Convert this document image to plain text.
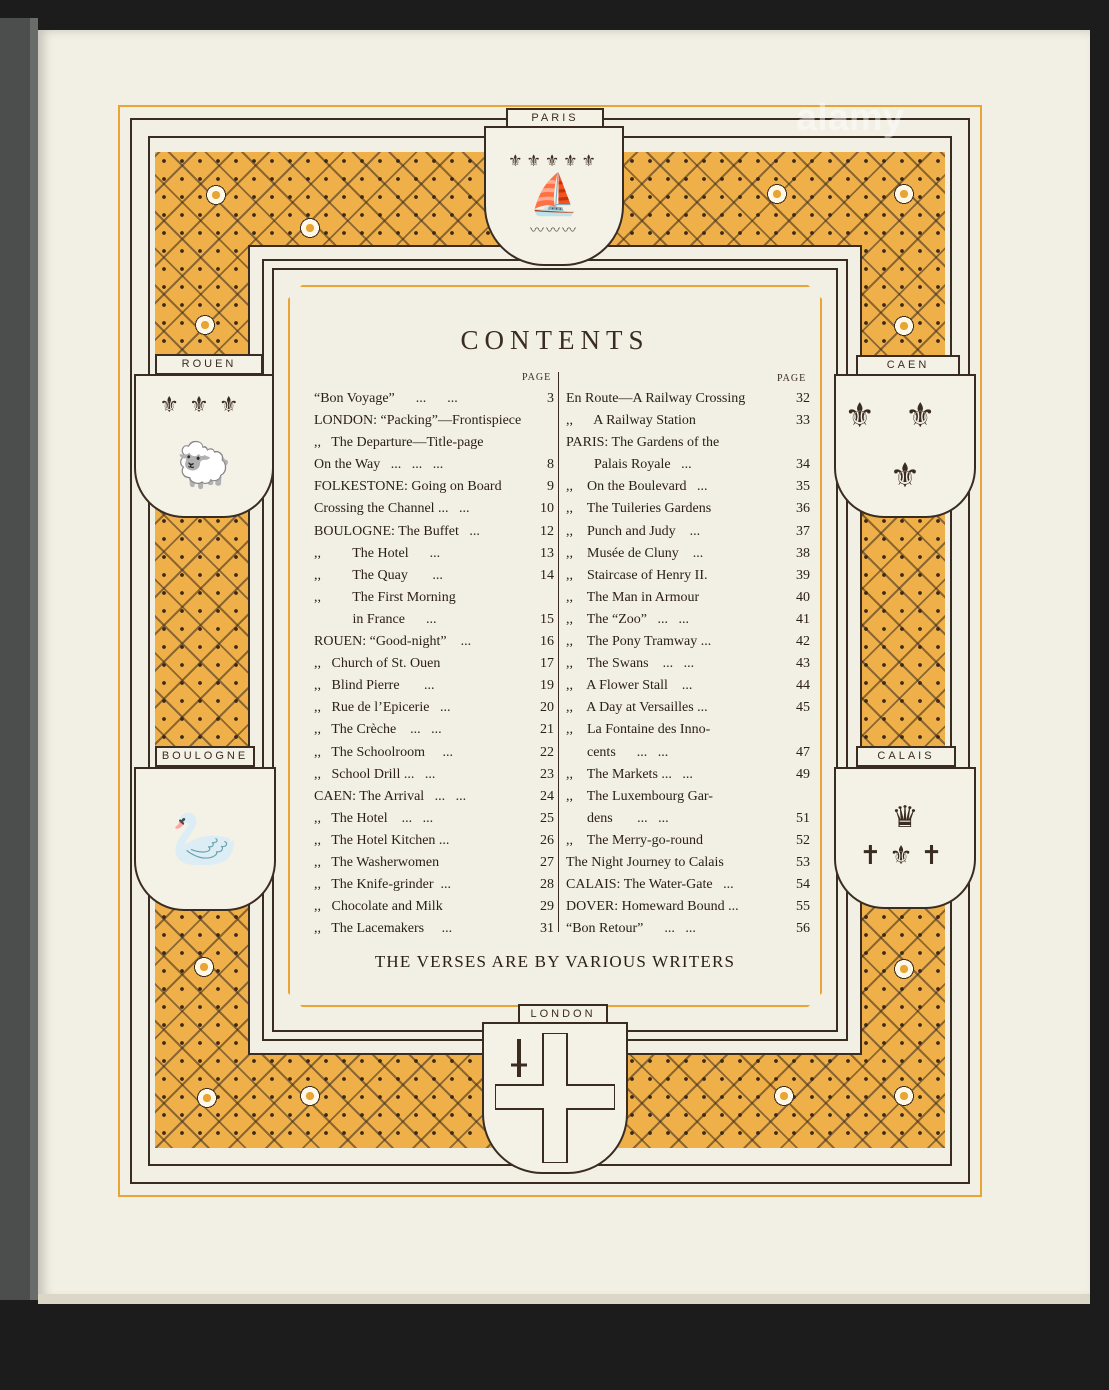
PARIS
⚜⚜⚜⚜⚜
⛵
〰〰〰
ROUEN
⚜⚜⚜
🐑
CAEN
⚜⚜
⚜
BOULOGNE
🦢
CALAIS
♛
✝⚜✝
LONDON
CONTENTS
PAGE	PAGE
“Bon Voyage”      ...      ...	3
LONDON: “Packing”—Frontispiece
,,   The Departure—Title-page
On the Way   ...   ...   ...	8
FOLKESTONE: Going on Board	9
Crossing the Channel ...   ...	10
BOULOGNE: The Buffet   ...	12
,,         The Hotel      ...	13
,,         The Quay       ...	14
,,         The First Morning
in France      ...	15
ROUEN: “Good-night”    ...	16
,,   Church of St. Ouen	17
,,   Blind Pierre       ...	19
,,   Rue de l’Epicerie   ...	20
,,   The Crèche    ...   ...	21
,,   The Schoolroom     ...	22
,,   School Drill ...   ...	23
CAEN: The Arrival   ...   ...	24
,,   The Hotel    ...   ...	25
,,   The Hotel Kitchen ...	26
,,   The Washerwomen	27
,,   The Knife-grinder  ...	28
,,   Chocolate and Milk	29
,,   The Lacemakers     ...	31
En Route—A Railway Crossing	32
,,      A Railway Station	33
PARIS: The Gardens of the
Palais Royale   ...	34
,,    On the Boulevard   ...	35
,,    The Tuileries Gardens	36
,,    Punch and Judy    ...	37
,,    Musée de Cluny    ...	38
,,    Staircase of Henry II.	39
,,    The Man in Armour	40
,,    The “Zoo”   ...   ...	41
,,    The Pony Tramway ...	42
,,    The Swans    ...   ...	43
,,    A Flower Stall    ...	44
,,    A Day at Versailles ...	45
,,    La Fontaine des Inno-
cents      ...   ...	47
,,    The Markets ...   ...	49
,,    The Luxembourg Gar-
dens       ...   ...	51
,,    The Merry-go-round	52
The Night Journey to Calais	53
CALAIS: The Water-Gate   ...	54
DOVER: Homeward Bound ...	55
“Bon Retour”      ...   ...	56
THE VERSES ARE BY VARIOUS WRITERS
alamy
